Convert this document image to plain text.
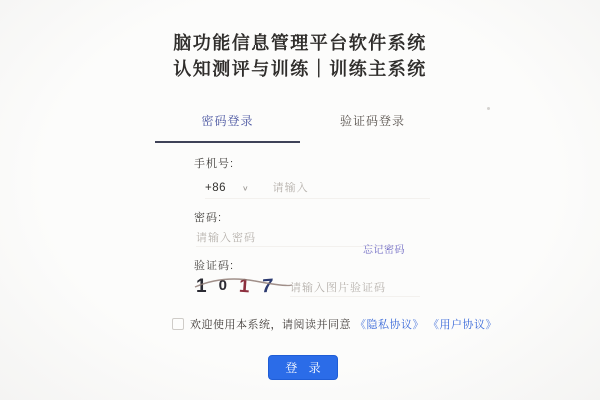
脑功能信息管理平台软件系统
认知测评与训练｜训练主系统
密码登录	验证码登录
手机号:
+86 ∨
请输入
密码:
请输入密码
忘记密码
验证码:
1 0 1 7
请输入图片验证码
欢迎使用本系统，请阅读并同意 《隐私协议》 《用户协议》
登 录
